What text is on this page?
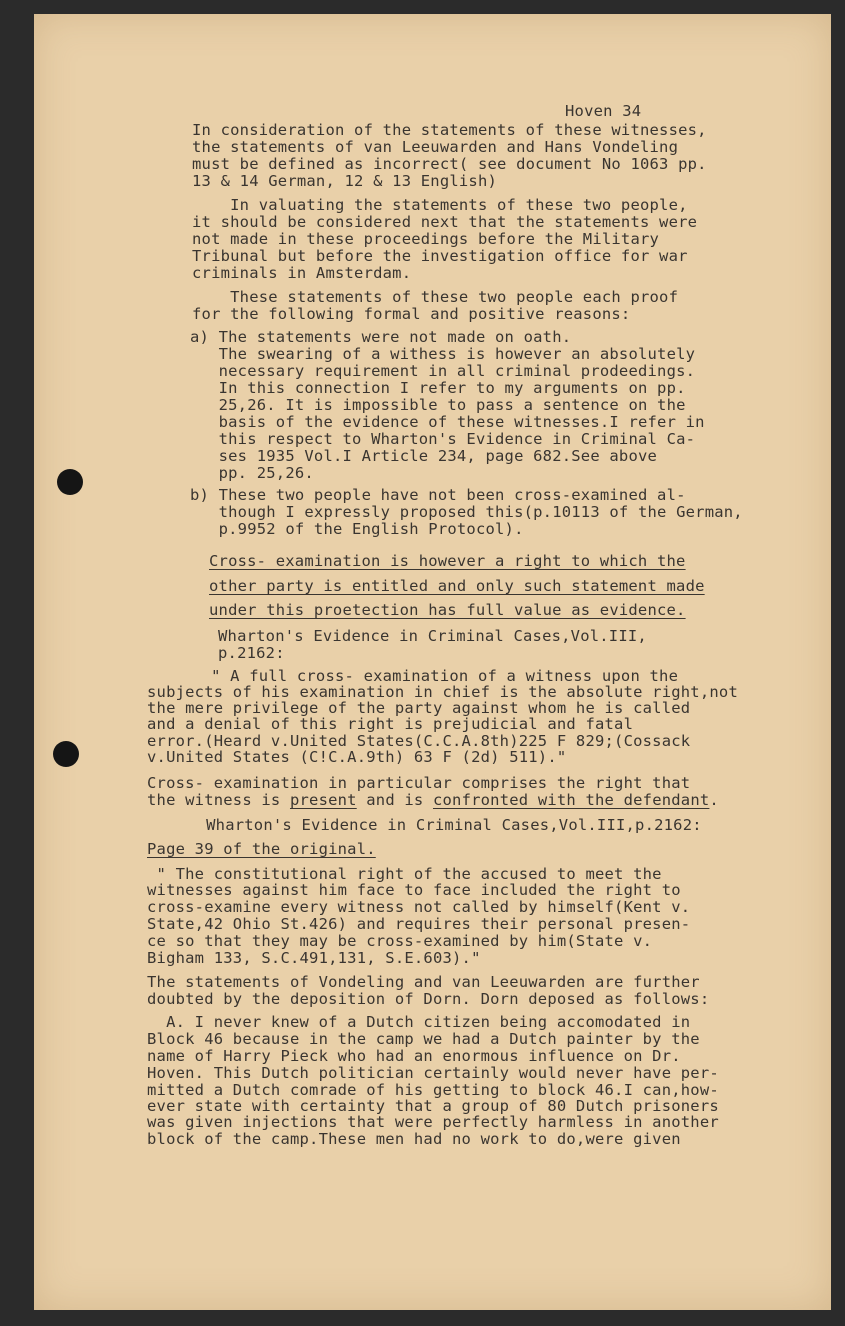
Hoven 34
In consideration of the statements of these witnesses,
the statements of van Leeuwarden and Hans Vondeling
must be defined as incorrect( see document No 1063 pp.
13 & 14 German, 12 & 13 English)
In valuating the statements of these two people,
it should be considered next that the statements were
not made in these proceedings before the Military
Tribunal but before the investigation office for war
criminals in Amsterdam.
These statements of these two people each proof
for the following formal and positive reasons:
a) The statements were not made on oath.
The swearing of a withess is however an absolutely
necessary requirement in all criminal prodeedings.
In this connection I refer to my arguments on pp.
25,26. It is impossible to pass a sentence on the
basis of the evidence of these witnesses.I refer in
this respect to Wharton's Evidence in Criminal Ca-
ses 1935 Vol.I Article 234, page 682.See above
pp. 25,26.
b) These two people have not been cross-examined al-
though I expressly proposed this(p.10113 of the German,
p.9952 of the English Protocol).
Cross- examination is however a right to which the
other party is entitled and only such statement made
under this proetection has full value as evidence.
Wharton's Evidence in Criminal Cases,Vol.III,
p.2162:
" A full cross- examination of a witness upon the
subjects of his examination in chief is the absolute right,not
the mere privilege of the party against whom he is called
and a denial of this right is prejudicial and fatal
error.(Heard v.United States(C.C.A.8th)225 F 829;(Cossack
v.United States (C!C.A.9th) 63 F (2d) 511)."
Cross- examination in particular comprises the right that
the witness is present and is confronted with the defendant.
Wharton's Evidence in Criminal Cases,Vol.III,p.2162:
Page 39 of the original.
" The constitutional right of the accused to meet the
witnesses against him face to face included the right to
cross-examine every witness not called by himself(Kent v.
State,42 Ohio St.426) and requires their personal presen-
ce so that they may be cross-examined by him(State v.
Bigham 133, S.C.491,131, S.E.603)."
The statements of Vondeling and van Leeuwarden are further
doubted by the deposition of Dorn. Dorn deposed as follows:
A. I never knew of a Dutch citizen being accomodated in
Block 46 because in the camp we had a Dutch painter by the
name of Harry Pieck who had an enormous influence on Dr.
Hoven. This Dutch politician certainly would never have per-
mitted a Dutch comrade of his getting to block 46.I can,how-
ever state with certainty that a group of 80 Dutch prisoners
was given injections that were perfectly harmless in another
block of the camp.These men had no work to do,were given
